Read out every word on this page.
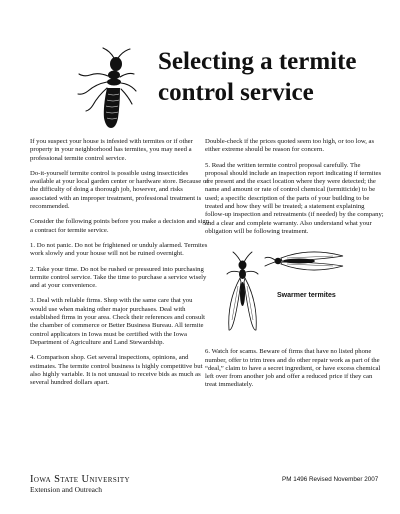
Selecting a termite
control service

If you suspect your house is infested with termites or if other property in your neighborhood has termites, you may need a professional termite control service.

Do-it-yourself termite control is possible using insecticides available at your local garden center or hardware store. Because of the difficulty of doing a thorough job, however, and risks associated with an improper treatment, professional treatment is recommended.

Consider the following points before you make a decision and sign a contract for termite service.

1. Do not panic. Do not be frightened or unduly alarmed. Termites work slowly and your house will not be ruined overnight.

2. Take your time. Do not be rushed or pressured into purchasing termite control service. Take the time to purchase a service wisely and at your convenience.

3. Deal with reliable firms. Shop with the same care that you would use when making other major purchases. Deal with established firms in your area. Check their references and consult the chamber of commerce or Better Business Bureau. All termite control applicators in Iowa must be certified with the Iowa Department of Agriculture and Land Stewardship.

4. Comparison shop. Get several inspections, opinions, and estimates. The termite control business is highly competitive but also highly variable. It is not unusual to receive bids as much as several hundred dollars apart.

Double-check if the prices quoted seem too high, or too low, as either extreme should be reason for concern.

5. Read the written termite control proposal carefully. The proposal should include an inspection report indicating if termites are present and the exact location where they were detected; the name and amount or rate of control chemical (termiticide) to be used; a specific description of the parts of your building to be treated and how they will be treated; a statement explaining follow-up inspection and retreatments (if needed) by the company; and a clear and complete warranty. Also understand what your obligation will be following treatment.

Swarmer termites

6. Watch for scams. Beware of firms that have no listed phone number, offer to trim trees and do other repair work as part of the “deal,” claim to have a secret ingredient, or have excess chemical left over from another job and offer a reduced price if they can treat immediately.

Iowa State University
Extension and Outreach
PM 1496 Revised November 2007
